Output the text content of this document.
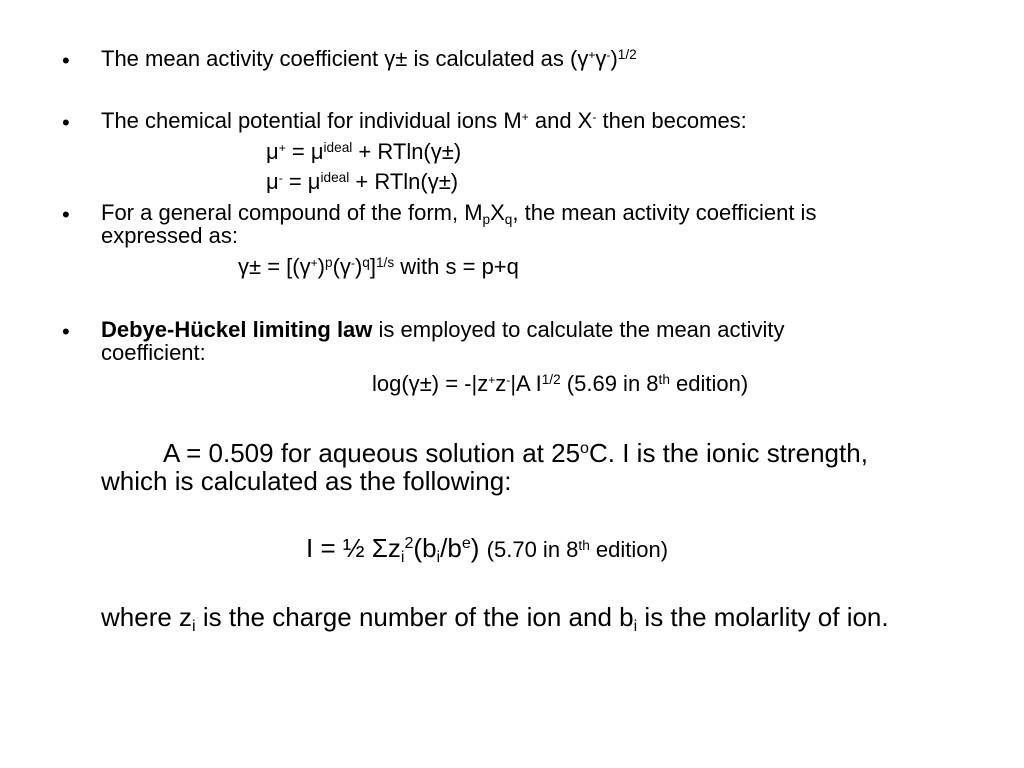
• The mean activity coefficient γ± is calculated as $(\gamma^+\gamma^-)^{1/2}$
• The chemical potential for individual ions M+ and X- then becomes:
$\mu^+ = \mu^{ideal} + RTln(\gamma\pm)$
$\mu^- = \mu^{ideal} + RTln(\gamma\pm)$
• For a general compound of the form, $M_pX_q$, the mean activity coefficient is
expressed as:
$\gamma\pm = [(\gamma^+)^p(\gamma^-)^q]^{1/s}$ with s = p+q
• Debye-Hückel limiting law is employed to calculate the mean activity
coefficient:
log(γ±) = -|z+z-|A $I^{1/2}$ (5.69 in 8th edition)
A = 0.509 for aqueous solution at 25$^o$C. I is the ionic strength,
which is calculated as the following:
I = ½ $\Sigma z_i^2(b_i/b^e)$ (5.70 in 8th edition)
where $z_i$ is the charge number of the ion and $b_i$ is the molarlity of ion.
